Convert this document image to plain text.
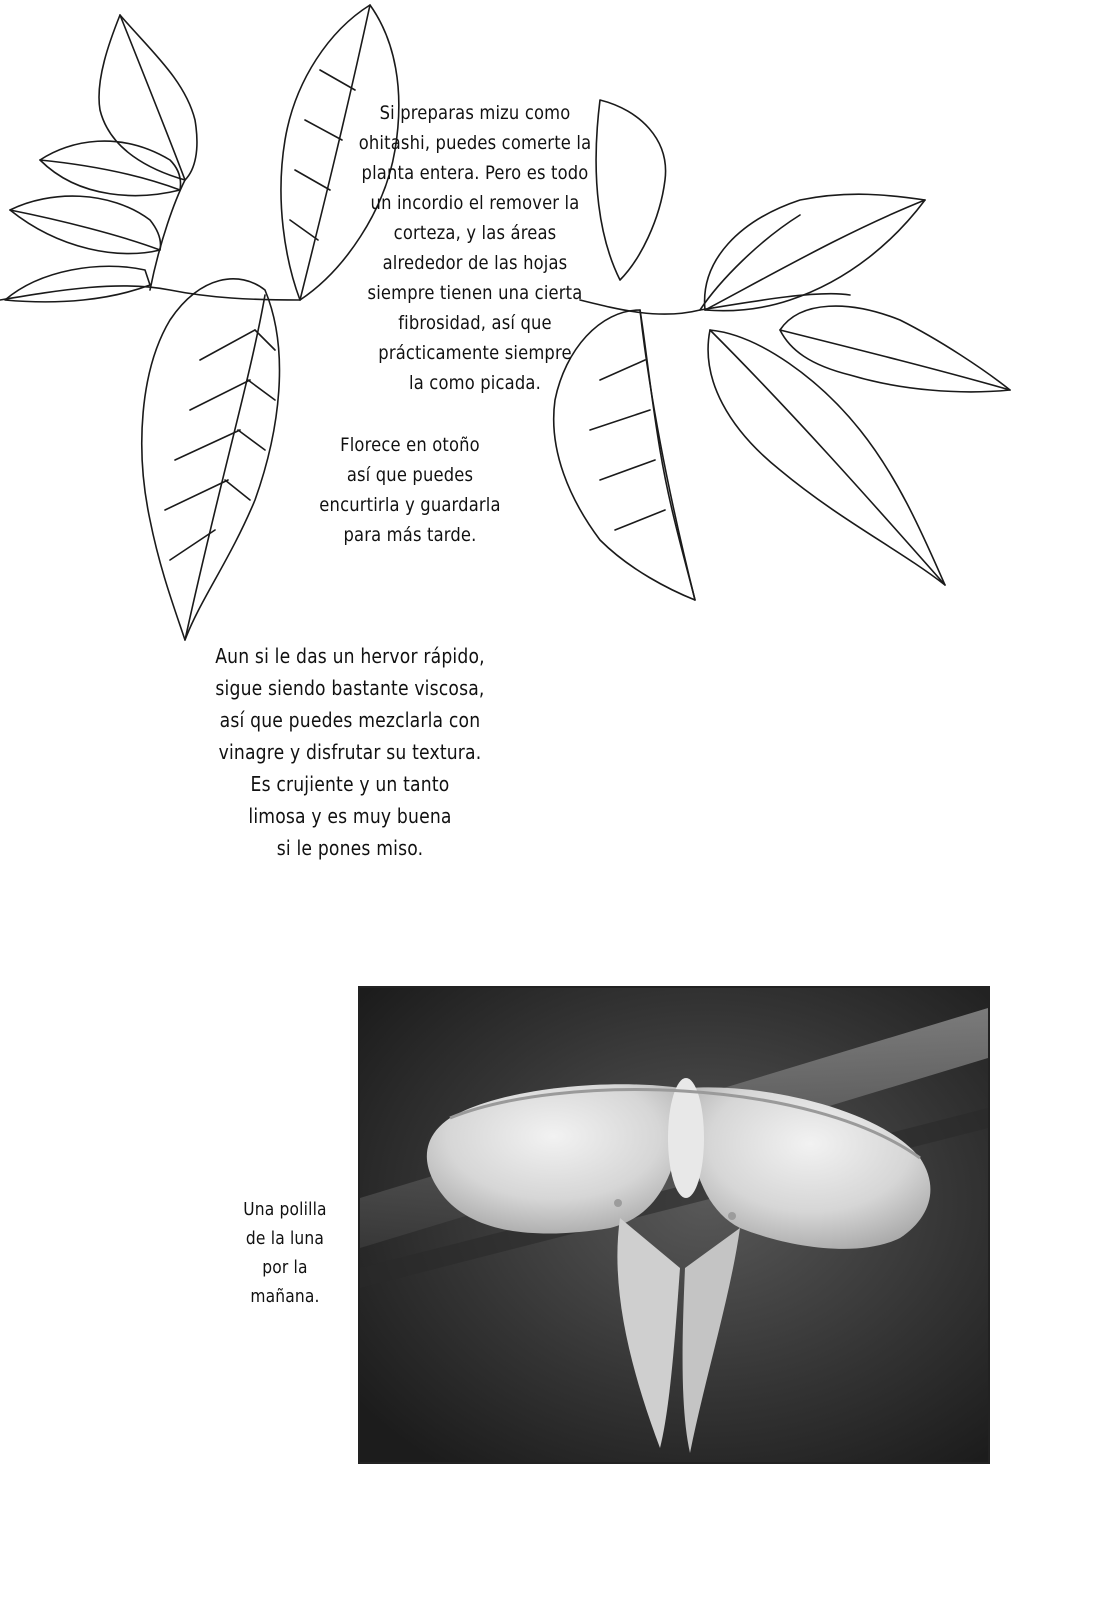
Si preparas mizu como
ohitashi, puedes comerte la
planta entera. Pero es todo
un incordio el remover la
corteza, y las áreas
alrededor de las hojas
siempre tienen una cierta
fibrosidad, así que
prácticamente siempre
la como picada.
Florece en otoño
así que puedes
encurtirla y guardarla
para más tarde.
Aun si le das un hervor rápido,
sigue siendo bastante viscosa,
así que puedes mezclarla con
vinagre y disfrutar su textura.
Es crujiente y un tanto
limosa y es muy buena
si le pones miso.
Una polilla
de la luna
por la
mañana.
